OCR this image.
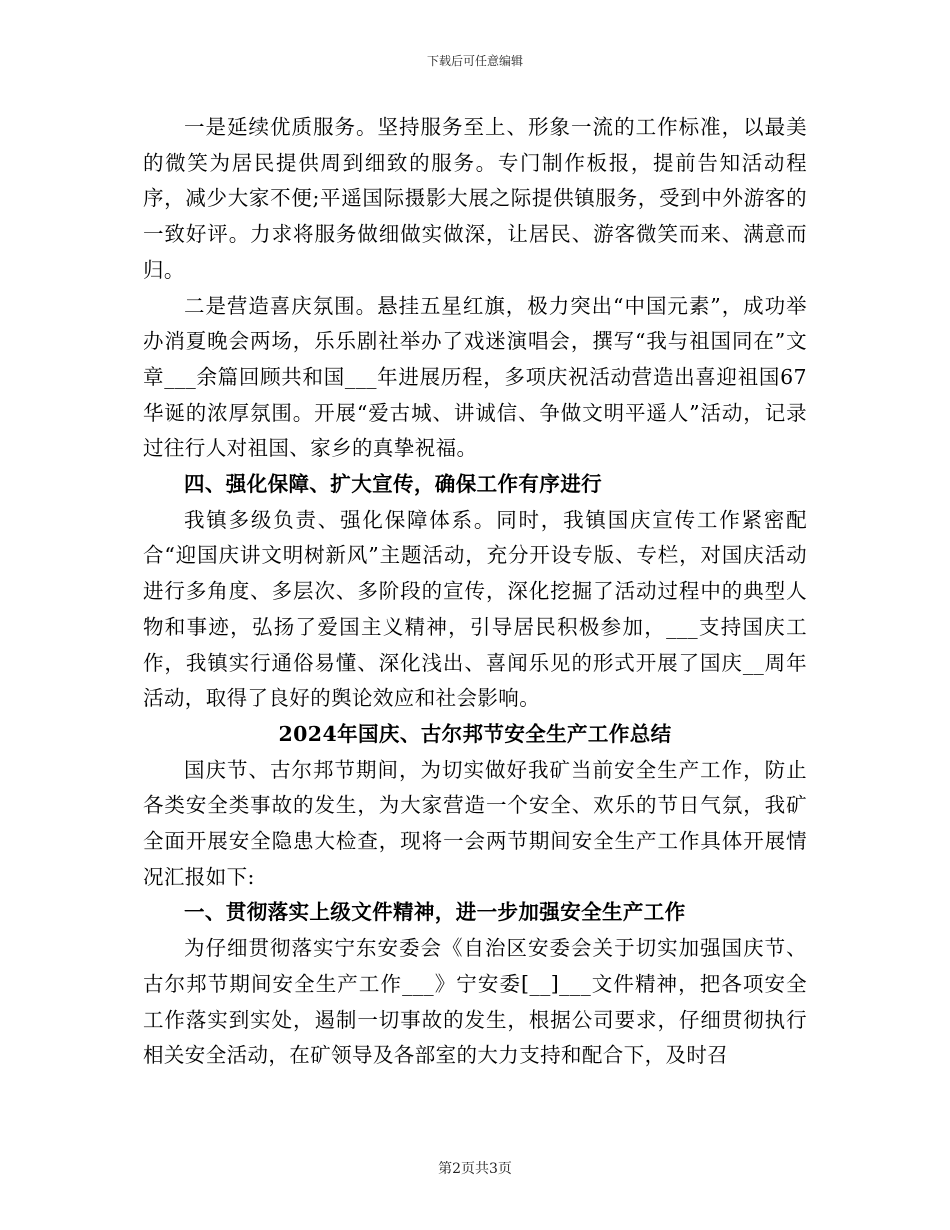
下载后可任意编辑

一是延续优质服务。坚持服务至上、形象一流的工作标准，以最美的微笑为居民提供周到细致的服务。专门制作板报，提前告知活动程序，减少大家不便;平遥国际摄影大展之际提供镇服务，受到中外游客的一致好评。力求将服务做细做实做深，让居民、游客微笑而来、满意而归。

二是营造喜庆氛围。悬挂五星红旗，极力突出“中国元素”，成功举办消夏晚会两场，乐乐剧社举办了戏迷演唱会，撰写“我与祖国同在”文章___余篇回顾共和国___年进展历程，多项庆祝活动营造出喜迎祖国67华诞的浓厚氛围。开展“爱古城、讲诚信、争做文明平遥人”活动，记录过往行人对祖国、家乡的真挚祝福。

四、强化保障、扩大宣传，确保工作有序进行

我镇多级负责、强化保障体系。同时，我镇国庆宣传工作紧密配合“迎国庆讲文明树新风”主题活动，充分开设专版、专栏，对国庆活动进行多角度、多层次、多阶段的宣传，深化挖掘了活动过程中的典型人物和事迹，弘扬了爱国主义精神，引导居民积极参加，___支持国庆工作，我镇实行通俗易懂、深化浅出、喜闻乐见的形式开展了国庆__周年活动，取得了良好的舆论效应和社会影响。

2024年国庆、古尔邦节安全生产工作总结

国庆节、古尔邦节期间，为切实做好我矿当前安全生产工作，防止各类安全类事故的发生，为大家营造一个安全、欢乐的节日气氛，我矿全面开展安全隐患大检查，现将一会两节期间安全生产工作具体开展情况汇报如下:

一、贯彻落实上级文件精神，进一步加强安全生产工作

为仔细贯彻落实宁东安委会《自治区安委会关于切实加强国庆节、古尔邦节期间安全生产工作___》宁安委[__]___文件精神，把各项安全工作落实到实处，遏制一切事故的发生，根据公司要求，仔细贯彻执行相关安全活动，在矿领导及各部室的大力支持和配合下，及时召

第2页共3页
